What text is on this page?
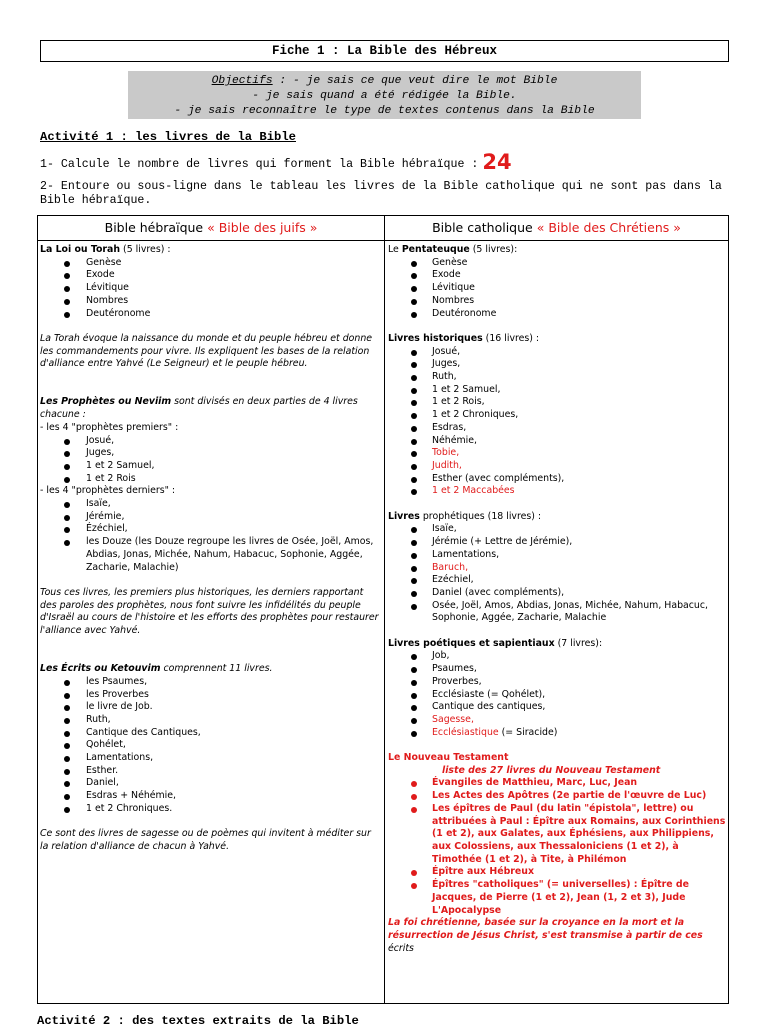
Fiche 1 : La Bible des Hébreux
Objectifs : - je sais ce que veut dire le mot Bible
- je sais quand a été rédigée la Bible.
- je sais reconnaître le type de textes contenus dans la Bible
Activité 1 : les livres de la Bible
1- Calcule le nombre de livres qui forment la Bible hébraïque : 24
2- Entoure ou sous-ligne dans le tableau les livres de la Bible catholique qui ne sont pas dans la Bible hébraïque.
Bible hébraïque « Bible des juifs »	Bible catholique « Bible des Chrétiens »

La Loi ou Torah (5 livres) :

Genèse
Exode
Lévitique
Nombres
Deutéronome

La Torah évoque la naissance du monde et du peuple hébreu et donne les commandements pour vivre. Ils expliquent les bases de la relation d'alliance entre Yahvé (Le Seigneur) et le peuple hébreu.

Les Prophètes ou Neviim sont divisés en deux parties de 4 livres chacune :

- les 4 "prophètes premiers" :

Josué,
Juges,
1 et 2 Samuel,
1 et 2 Rois

- les 4 "prophètes derniers" :

Isaïe,
Jérémie,
Ézéchiel,
les Douze (les Douze regroupe les livres de Osée, Joël, Amos, Abdias, Jonas, Michée, Nahum, Habacuc, Sophonie, Aggée, Zacharie, Malachie)

Tous ces livres, les premiers plus historiques, les derniers rapportant des paroles des prophètes, nous font suivre les infidélités du peuple d'Israël au cours de l'histoire et les efforts des prophètes pour restaurer l'alliance avec Yahvé.

Les Écrits ou Ketouvim comprennent 11 livres.

les Psaumes,
les Proverbes
le livre de Job.
Ruth,
Cantique des Cantiques,
Qohélet,
Lamentations,
Esther.
Daniel,
Esdras + Néhémie,
1 et 2 Chroniques.

Ce sont des livres de sagesse ou de poèmes qui invitent à méditer sur la relation d'alliance de chacun à Yahvé.

Le Pentateuque (5 livres):

Genèse
Exode
Lévitique
Nombres
Deutéronome

Livres historiques (16 livres) :

Josué,
Juges,
Ruth,
1 et 2 Samuel,
1 et 2 Rois,
1 et 2 Chroniques,
Esdras,
Néhémie,
Tobie,
Judith,
Esther (avec compléments),
1 et 2 Maccabées

Livres prophétiques (18 livres) :

Isaïe,
Jérémie (+ Lettre de Jérémie),
Lamentations,
Baruch,
Ezéchiel,
Daniel (avec compléments),
Osée, Joël, Amos, Abdias, Jonas, Michée, Nahum, Habacuc, Sophonie, Aggée, Zacharie, Malachie

Livres poétiques et sapientiaux (7 livres):

Job,
Psaumes,
Proverbes,
Ecclésiaste (= Qohélet),
Cantique des cantiques,
Sagesse,
Ecclésiastique (= Siracide)

Le Nouveau Testament

liste des 27 livres du Nouveau Testament

Évangiles de Matthieu, Marc, Luc, Jean
Les Actes des Apôtres (2e partie de l'œuvre de Luc)
Les épîtres de Paul (du latin "épistola", lettre) ou attribuées à Paul : Épître aux Romains, aux Corinthiens (1 et 2), aux Galates, aux Éphésiens, aux Philippiens, aux Colossiens, aux Thessaloniciens (1 et 2), à Timothée (1 et 2), à Tite, à Philémon
Épître aux Hébreux
Épîtres "catholiques" (= universelles) : Épître de Jacques, de Pierre (1 et 2), Jean (1, 2 et 3), Jude L'Apocalypse

La foi chrétienne, basée sur la croyance en la mort et la résurrection de Jésus Christ, s'est transmise à partir de ces

écrits

Activité 2 : des textes extraits de la Bible
